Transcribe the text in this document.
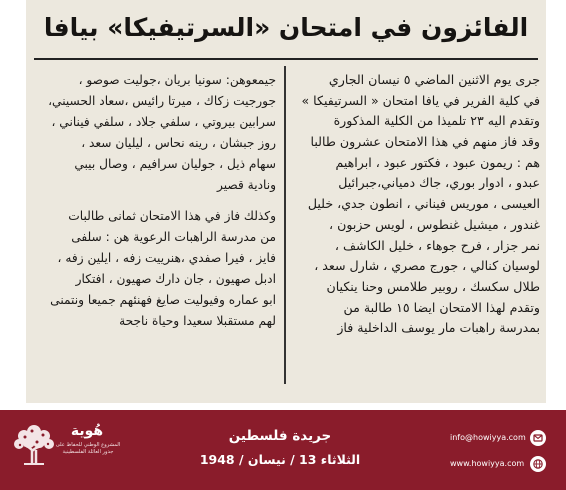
الفائزون في امتحان «السرتيفيكا» بيافا
جرى يوم الاثنين الماضي ٥ نيسان الجاري
في كلية الفرير في يافا امتحان « السرتيفيكا »
وتقدم اليه ٢٣ تلميذا من الكلية المذكورة
وقد فاز منهم في هذا الامتحان عشرون طالبا
هم : ريمون عبود ، فكتور عبود ، ابراهيم
عبدو ، ادوار بوري، جاك دمياني،جبرائيل
العيسى ، موريس فيناني ، انطون جدي، خليل
غندور ، ميشيل غنطوس ، لويس حزبون ،
نمر جزار ، فرح جوهاء ، خليل الكاشف ،
لوسيان كنالي ، جورج مصري ، شارل سعد ،
طلال سكسك ، روبير طلامس وحنا ينكيان
وتقدم لهذا الامتحان ايضا ١٥ طالبة من
بمدرسة راهبات مار يوسف الداخلية فاز
جيمعوهن: سونيا بريان ،جوليت صوصو ،
جورجيت زكاك ، ميرتا رائيس ،سعاد الحسيني،
سرابين بيروتي ، سلفي جلاد ، سلفي فيناني ،
روز جبشان ، رينه نحاس ، ليليان سعد ،
سهام ذيل ، جوليان سرافيم ، وصال بيبي
ونادية قصير
وكذلك فاز في هذا الامتحان ثمانى طالبات
من مدرسة الراهبات الرعوية هن : سلفى
فايز ، فيرا صفدي ،هنرييت زفه ، ايلين زفه ،
ادبل صهيون ، جان دارك صهيون ، افتكار
ابو عماره وفيوليت صايغ فهنئهم جميعا ونتمنى
لهم مستقبلا سعيدا وحياة ناجحة
هُوية
المشروع الوطني للحفاظ على جذور العائلة الفلسطينية
جريدة فلسطين
الثلاثاء 13 / نيسان / 1948
info@howiyya.com
www.howiyya.com
